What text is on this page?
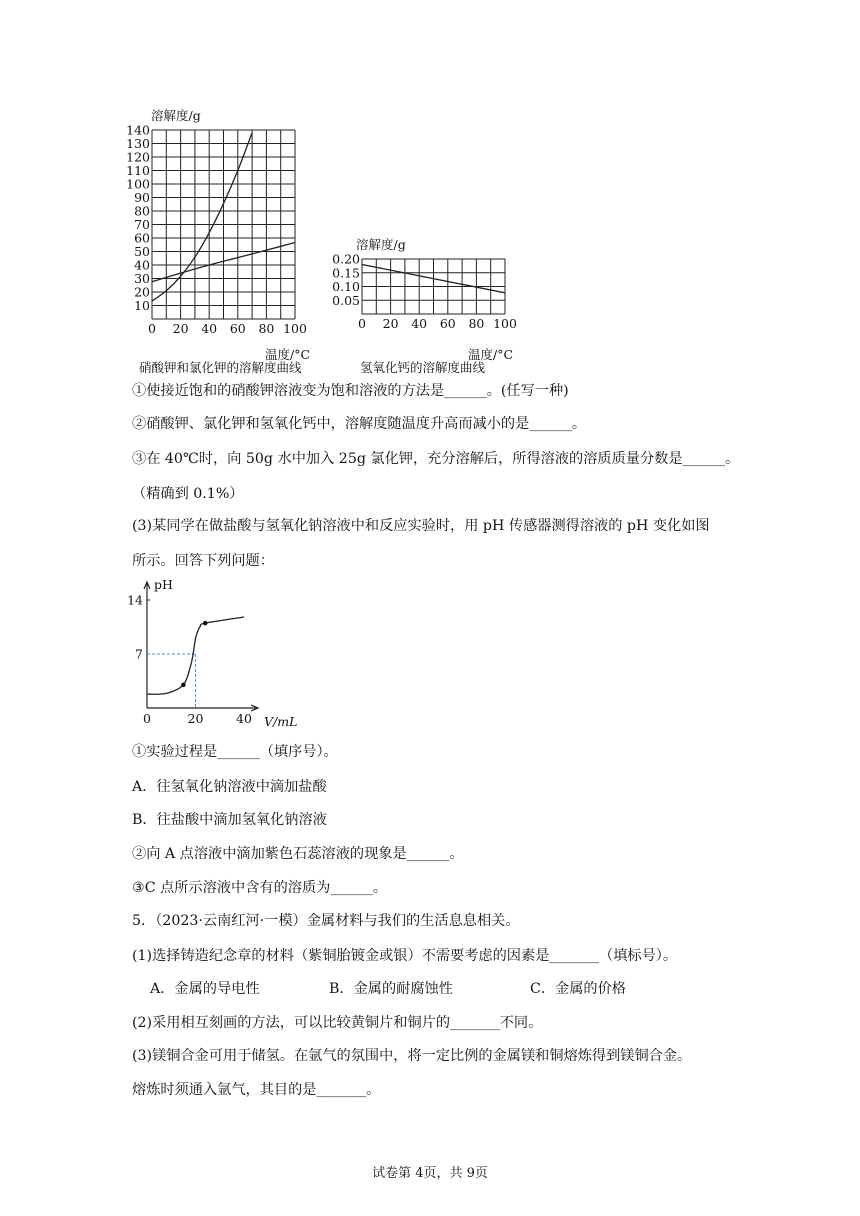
溶解度/g
0 20 40 60 80 100
10
20
30
40
50
60
70
80
90
100
110
120
130
140
温度/°C
硝酸钾和氯化钾的溶解度曲线
溶解度/g
0 20 40 60 80 100
0.05
0.10
0.15
0.20
温度/°C
氢氧化钙的溶解度曲线
①使接近饱和的硝酸钾溶液变为饱和溶液的方法是______。(任写一种)
②硝酸钾、氯化钾和氢氧化钙中，溶解度随温度升高而减小的是______。
③在 40℃时，向 50g 水中加入 25g 氯化钾，充分溶解后，所得溶液的溶质质量分数是______。
（精确到 0.1%）
(3)某同学在做盐酸与氢氧化钠溶液中和反应实验时，用 pH 传感器测得溶液的 pH 变化如图
所示。回答下列问题：
0	20	40
7
14
pH
V/mL
①实验过程是______（填序号）。
A．往氢氧化钠溶液中滴加盐酸
B．往盐酸中滴加氢氧化钠溶液
②向 A 点溶液中滴加紫色石蕊溶液的现象是______。
③C 点所示溶液中含有的溶质为______。
5．（2023·云南红河·一模）金属材料与我们的生活息息相关。
(1)选择铸造纪念章的材料（紫铜胎镀金或银）不需要考虑的因素是_______（填标号）。
A．金属的导电性	B．金属的耐腐蚀性	C．金属的价格
(2)采用相互刻画的方法，可以比较黄铜片和铜片的_______不同。
(3)镁铜合金可用于储氢。在氩气的氛围中，将一定比例的金属镁和铜熔炼得到镁铜合金。
熔炼时须通入氩气，其目的是_______。
试卷第 4页，共 9页
